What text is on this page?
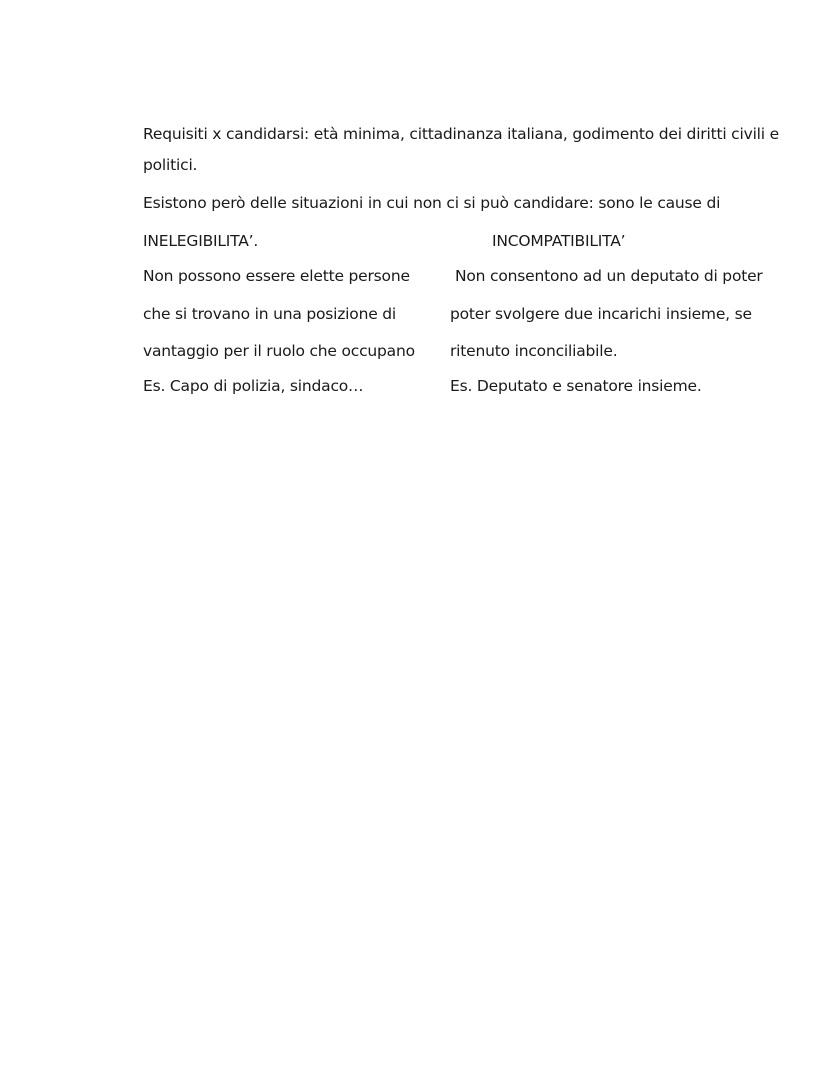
Requisiti x candidarsi: età minima, cittadinanza italiana, godimento dei diritti civili e
politici.
Esistono però delle situazioni in cui non ci si può candidare: sono le cause di
INELEGIBILITA’.	INCOMPATIBILITA’
Non possono essere elette persone
che si trovano in una posizione di
vantaggio per il ruolo che occupano
Es. Capo di polizia, sindaco…
Non consentono ad un deputato di poter
poter svolgere due incarichi insieme, se
ritenuto inconciliabile.
Es. Deputato e senatore insieme.
